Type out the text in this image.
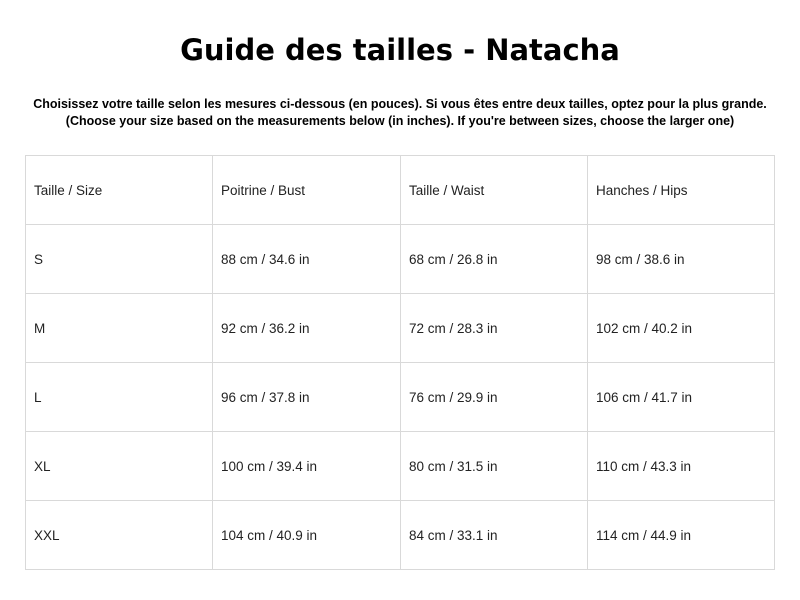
Guide des tailles - Natacha

Choisissez votre taille selon les mesures ci-dessous (en pouces). Si vous êtes entre deux tailles, optez pour la plus grande.

(Choose your size based on the measurements below (in inches). If you're between sizes, choose the larger one)

Taille / Size	Poitrine / Bust	Taille / Waist	Hanches / Hips
S	88 cm / 34.6 in	68 cm / 26.8 in	98 cm / 38.6 in
M	92 cm / 36.2 in	72 cm / 28.3 in	102 cm / 40.2 in
L	96 cm / 37.8 in	76 cm / 29.9 in	106 cm / 41.7 in
XL	100 cm / 39.4 in	80 cm / 31.5 in	110 cm / 43.3 in
XXL	104 cm / 40.9 in	84 cm / 33.1 in	114 cm / 44.9 in
